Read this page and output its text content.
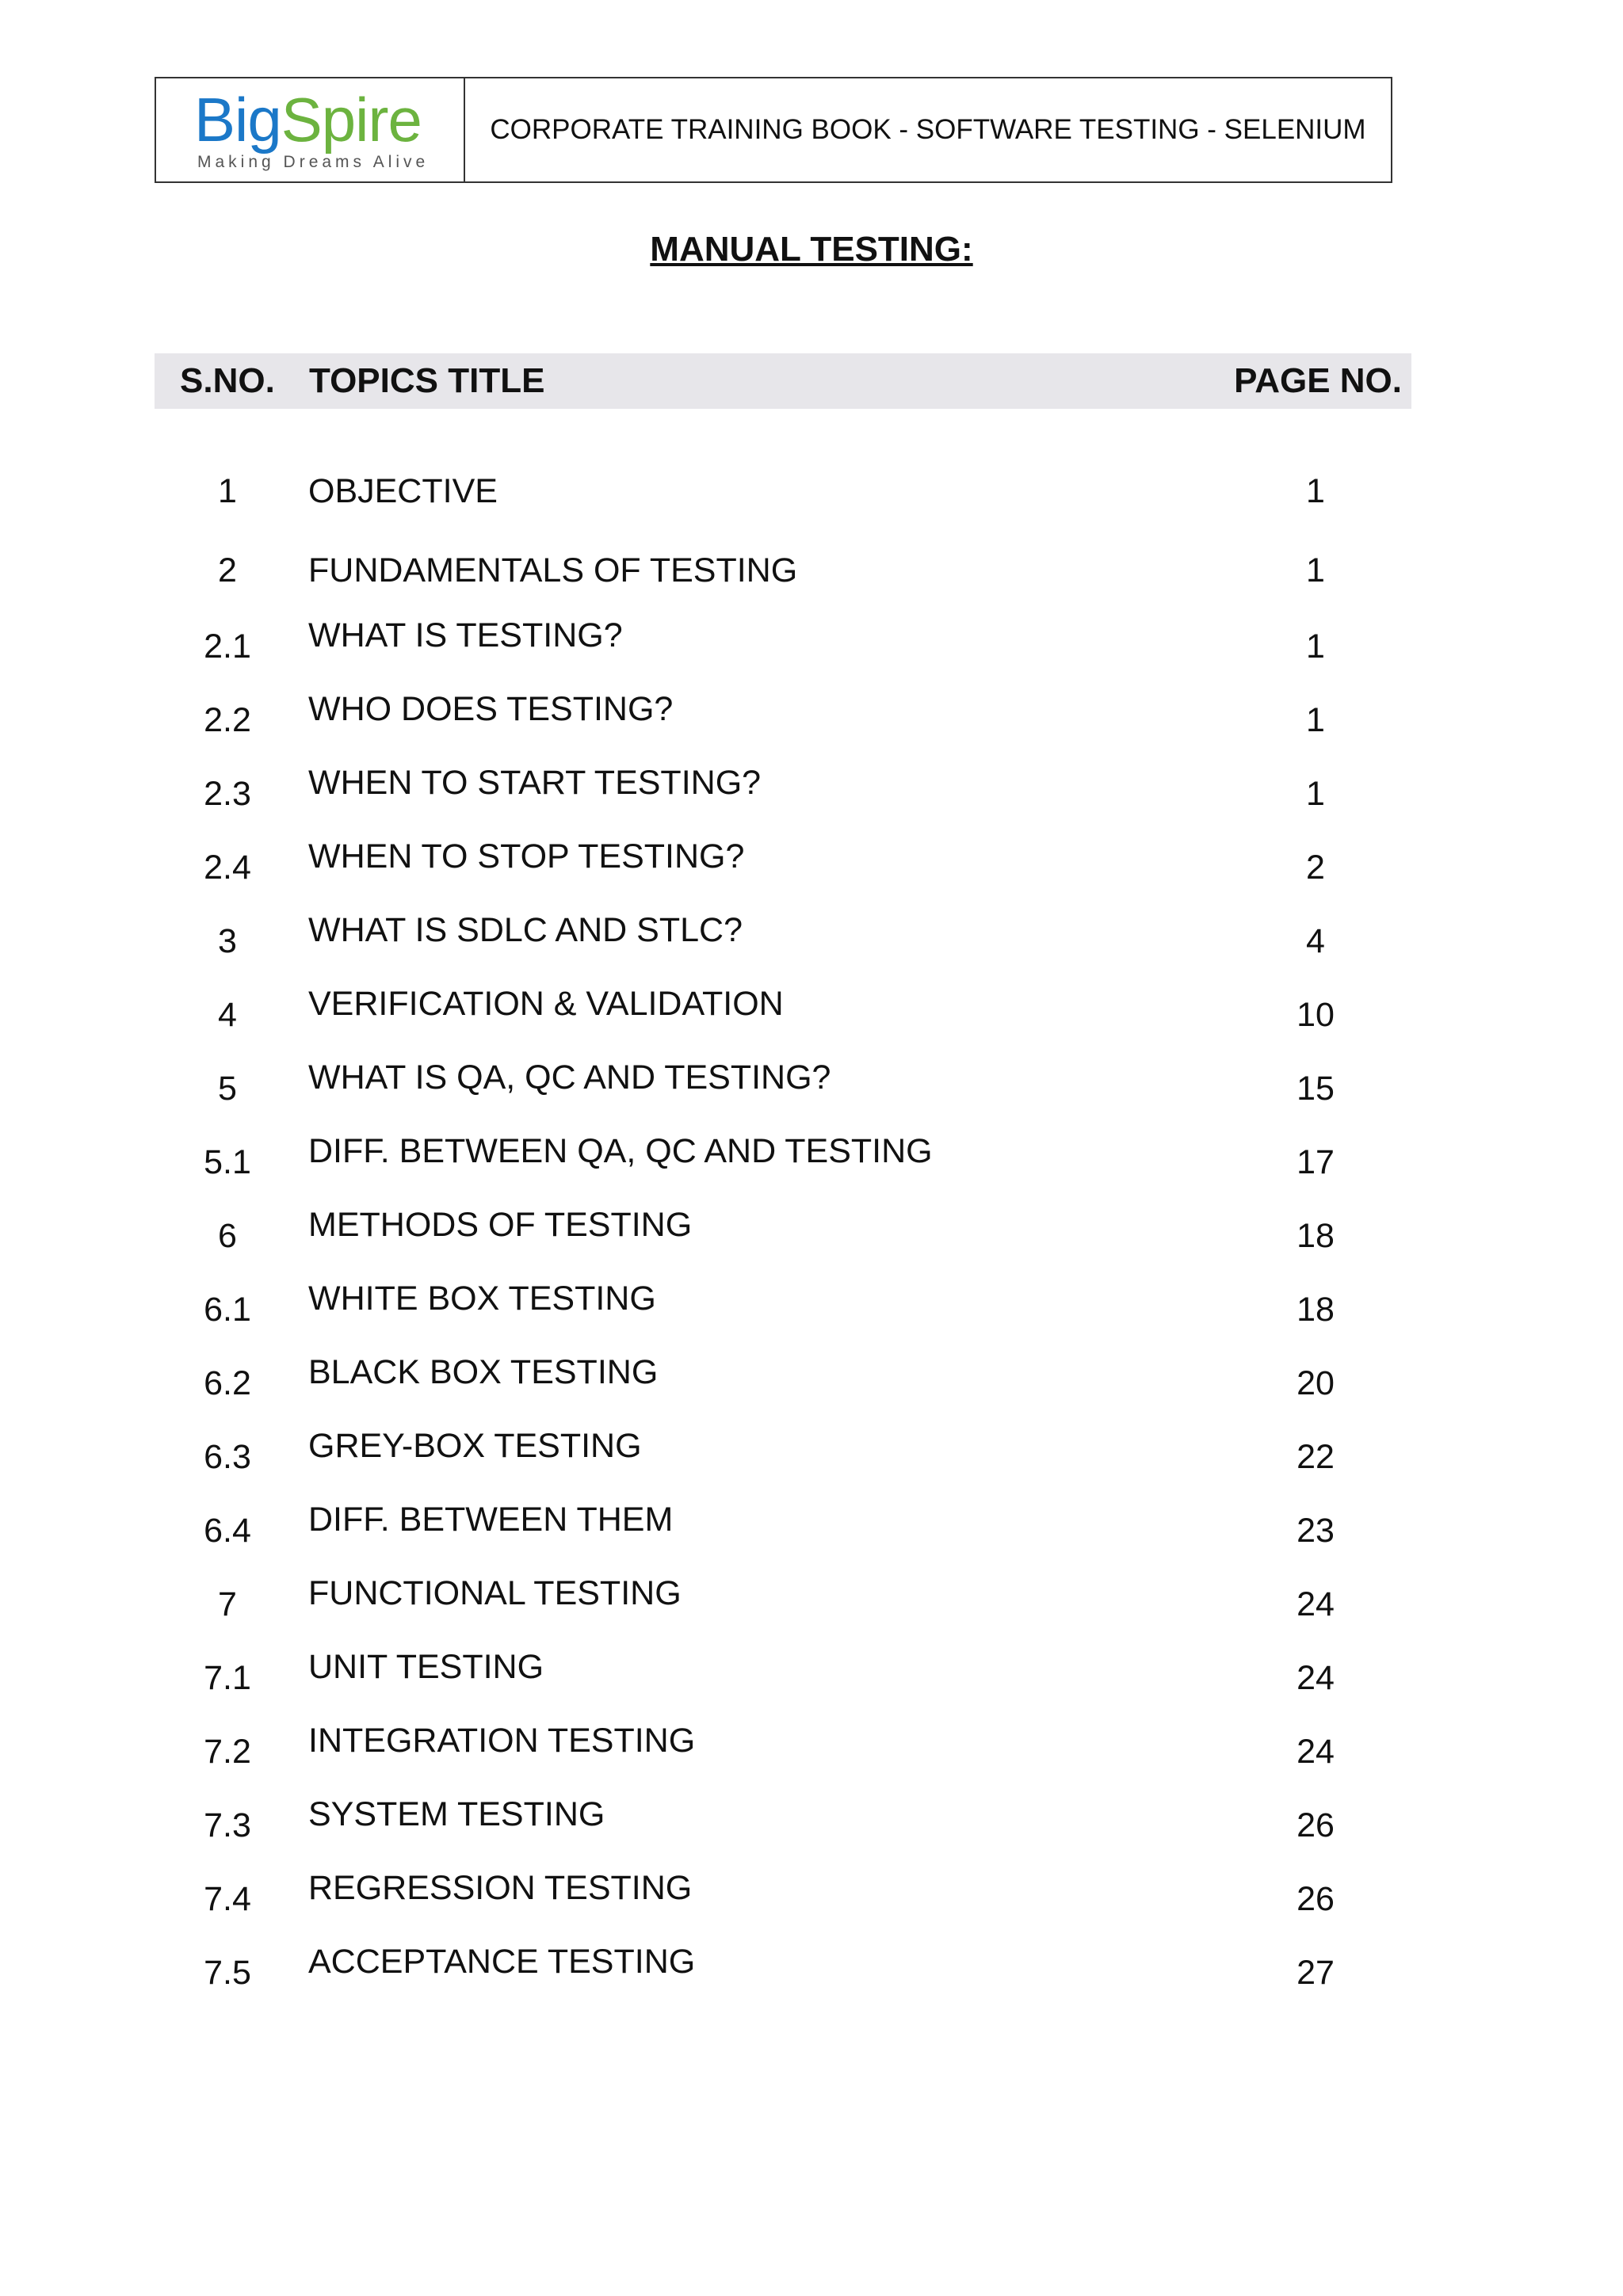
BigSpire
Making Dreams Alive
CORPORATE TRAINING BOOK - SOFTWARE TESTING - SELENIUM
MANUAL TESTING:
S.NO. TOPICS TITLE	PAGE NO.
1	OBJECTIVE	1
2	FUNDAMENTALS OF TESTING	1
2.1	WHAT IS TESTING?	1
2.2	WHO DOES TESTING?	1
2.3	WHEN TO START TESTING?	1
2.4	WHEN TO STOP TESTING?	2
3	WHAT IS SDLC AND STLC?	4
4	VERIFICATION & VALIDATION	10
5	WHAT IS QA, QC AND TESTING?	15
5.1	DIFF. BETWEEN QA, QC AND TESTING	17
6	METHODS OF TESTING	18
6.1	WHITE BOX TESTING	18
6.2	BLACK BOX TESTING	20
6.3	GREY-BOX TESTING	22
6.4	DIFF. BETWEEN THEM	23
7	FUNCTIONAL TESTING	24
7.1	UNIT TESTING	24
7.2	INTEGRATION TESTING	24
7.3	SYSTEM TESTING	26
7.4	REGRESSION TESTING	26
7.5	ACCEPTANCE TESTING	27
